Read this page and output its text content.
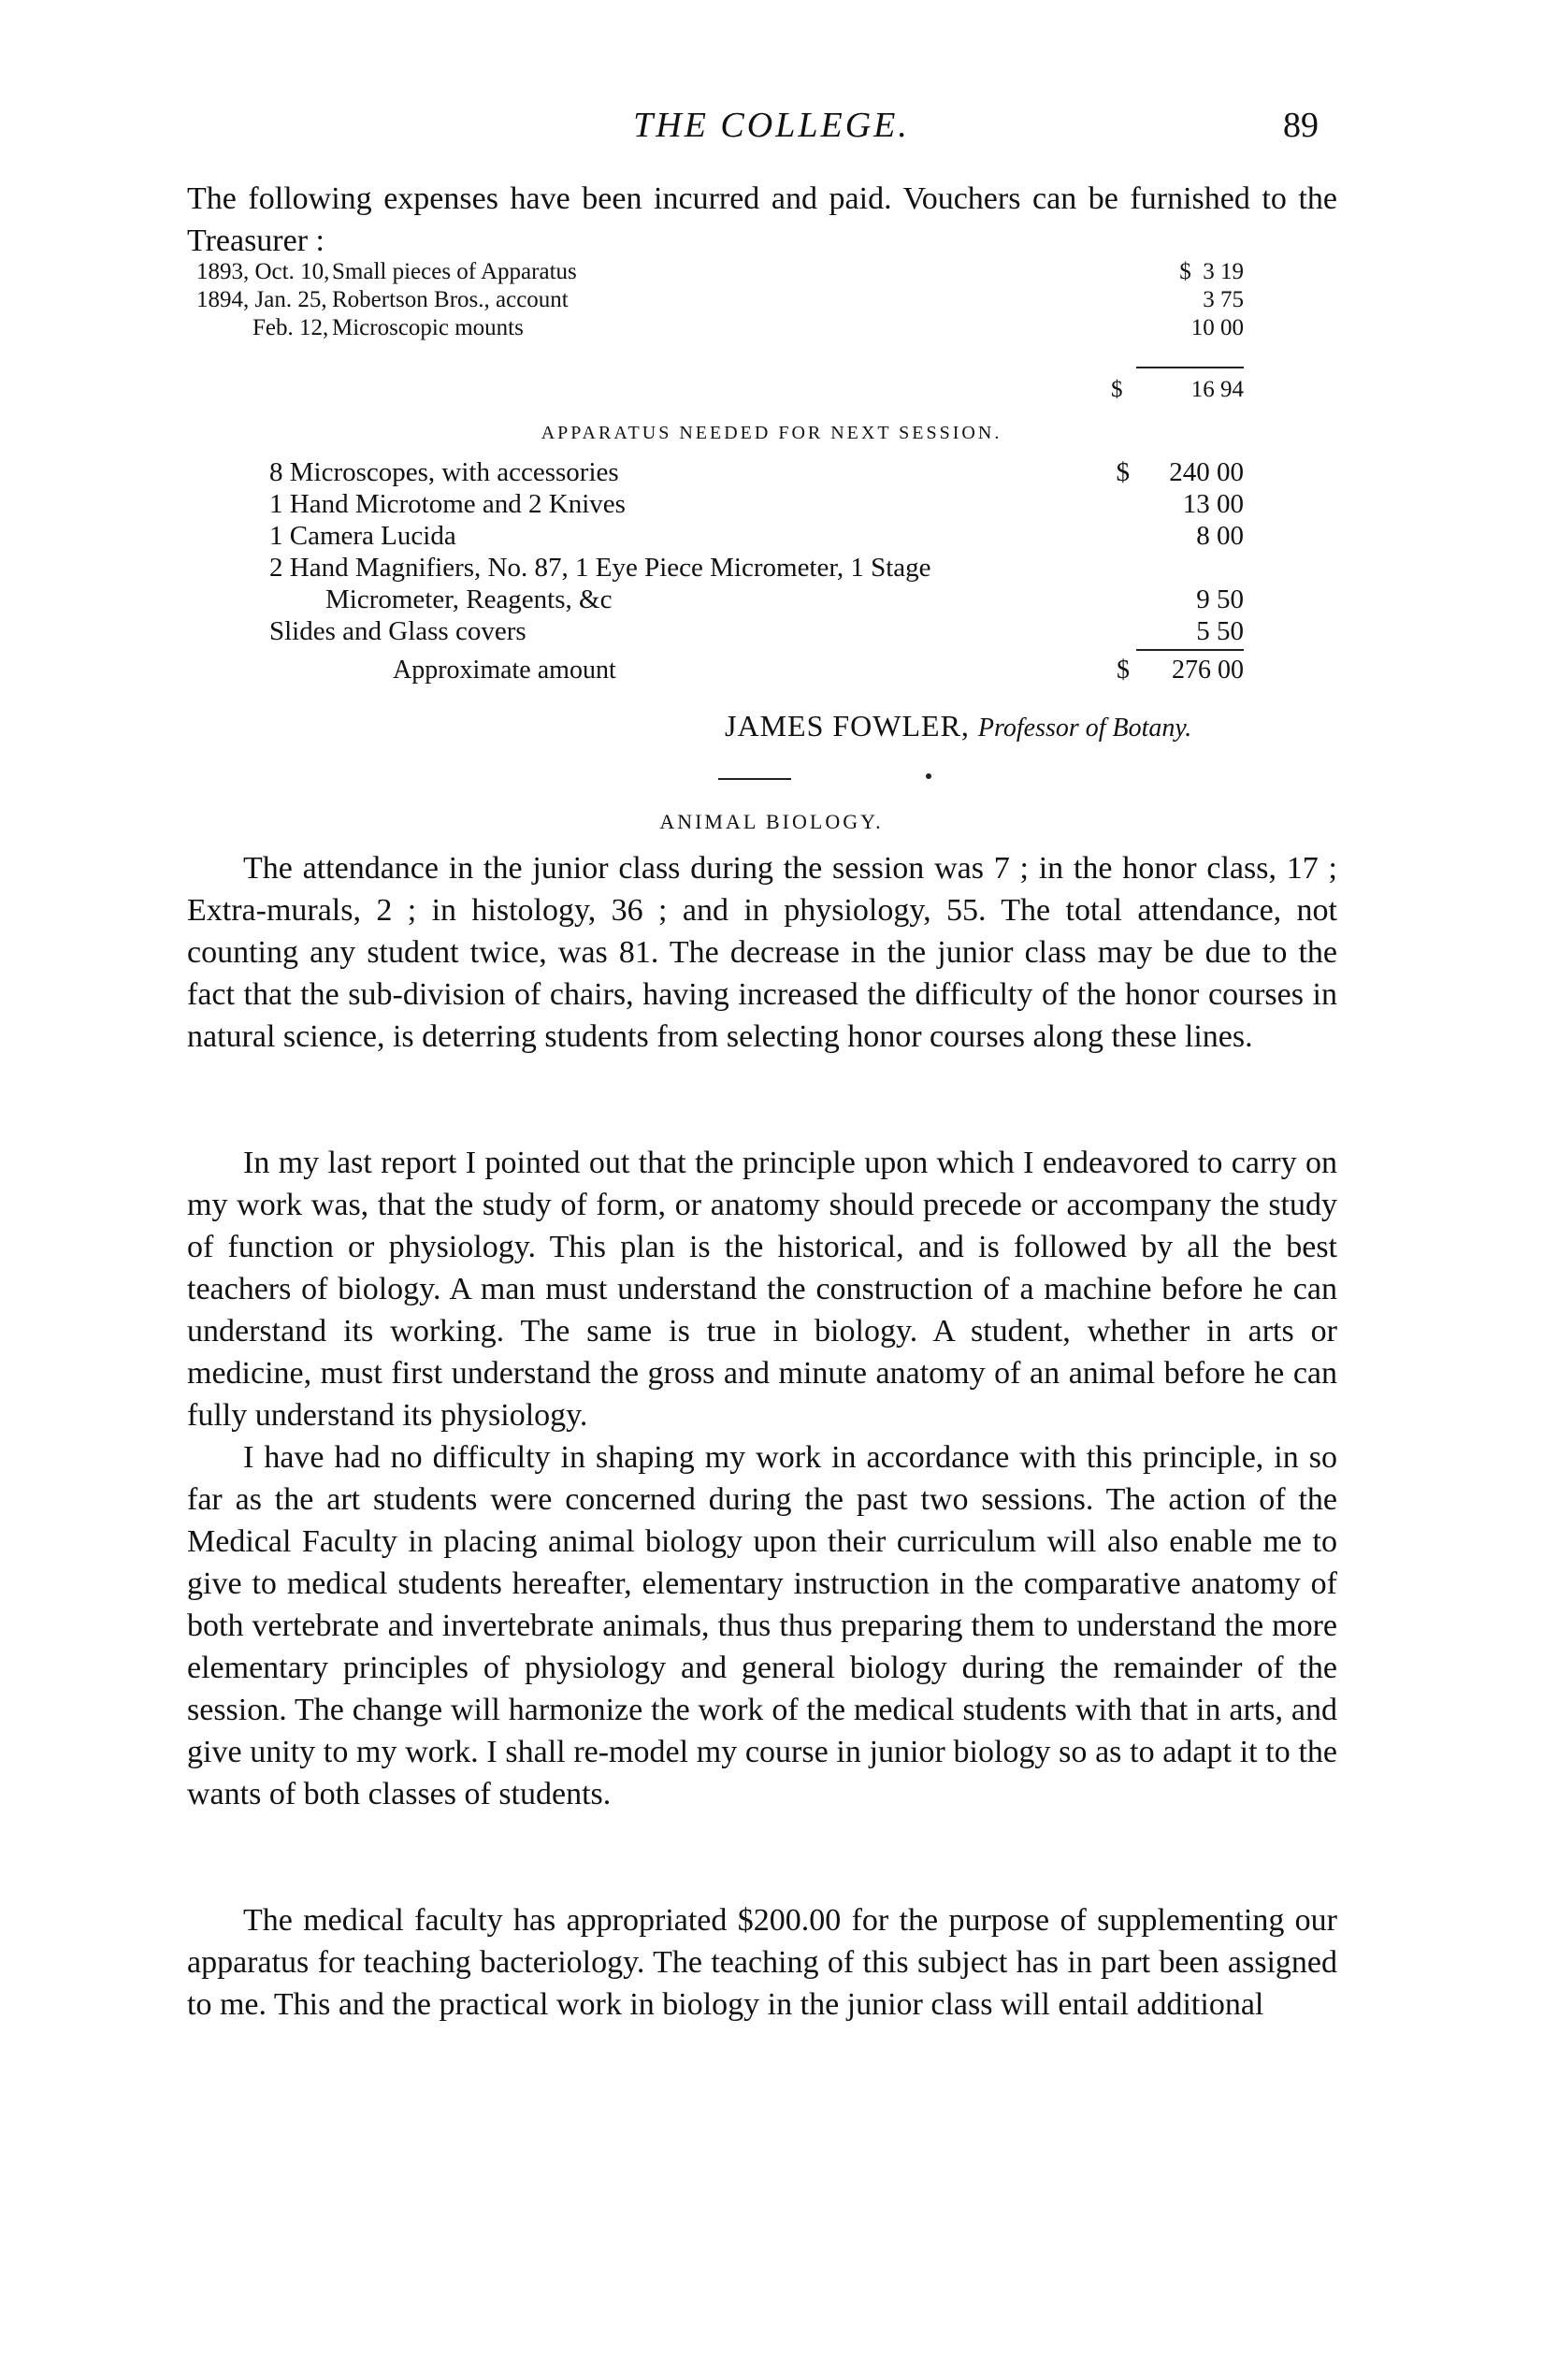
THE COLLEGE.	89

The following expenses have been incurred and paid. Vouchers can be furnished to the Treasurer :

1893, Oct. 10, Small pieces of Apparatus	$ 3 19
1894, Jan. 25, Robertson Bros., account	3 75
Feb. 12, Microscopic mounts	10 00
$	16 94
APPARATUS NEEDED FOR NEXT SESSION.
8 Microscopes, with accessories	$	240 00
1 Hand Microtome and 2 Knives	13 00
1 Camera Lucida	8 00
2 Hand Magnifiers, No. 87, 1 Eye Piece Micrometer, 1 Stage
Micrometer, Reagents, &c	9 50
Slides and Glass covers	5 50
Approximate amount	$	276 00
JAMES FOWLER, Professor of Botany.
ANIMAL BIOLOGY.

The attendance in the junior class during the session was 7 ; in the honor class, 17 ; Extra-murals, 2 ; in histology, 36 ; and in physiology, 55. The total attendance, not counting any student twice, was 81. The decrease in the junior class may be due to the fact that the sub-division of chairs, having increased the difficulty of the honor courses in natural science, is deterring students from selecting honor courses along these lines.

In my last report I pointed out that the principle upon which I endeavored to carry on my work was, that the study of form, or anatomy should precede or accompany the study of function or physiology. This plan is the historical, and is followed by all the best teachers of biology. A man must understand the construction of a machine before he can understand its working. The same is true in biology. A student, whether in arts or medicine, must first understand the gross and minute anatomy of an animal before he can fully understand its physiology.

I have had no difficulty in shaping my work in accordance with this principle, in so far as the art students were concerned during the past two sessions. The action of the Medical Faculty in placing animal biology upon their curriculum will also enable me to give to medical students hereafter, elementary instruction in the comparative anatomy of both vertebrate and invertebrate animals, thus thus preparing them to understand the more elementary principles of physiology and general biology during the remainder of the session. The change will harmonize the work of the medical students with that in arts, and give unity to my work. I shall re-model my course in junior biology so as to adapt it to the wants of both classes of students.

The medical faculty has appropriated $200.00 for the purpose of supplementing our apparatus for teaching bacteriology. The teaching of this subject has in part been assigned to me. This and the practical work in biology in the junior class will entail additional
